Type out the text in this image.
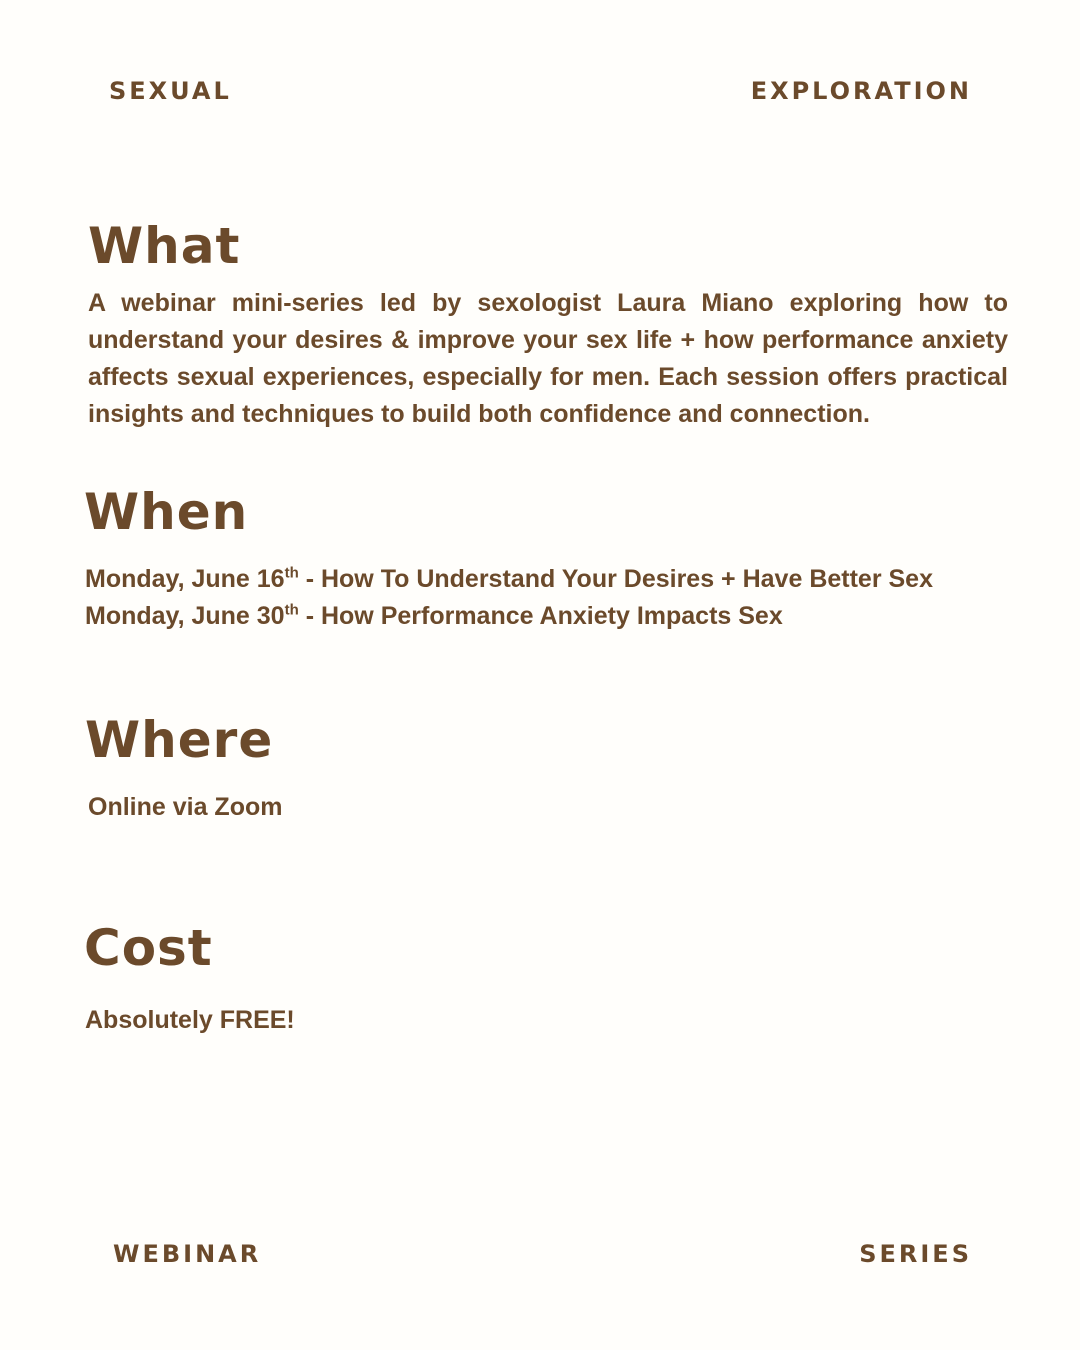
SEXUAL	EXPLORATION

WEBINAR	SERIES

What

A webinar mini-series led by sexologist Laura Miano exploring how to understand your desires & improve your sex life + how performance anxiety affects sexual experiences, especially for men. Each session offers practical insights and techniques to build both confidence and connection.

When

Monday, June 16th - How To Understand Your Desires + Have Better Sex

Monday, June 30th - How Performance Anxiety Impacts Sex

Where

Online via Zoom

Cost

Absolutely FREE!
